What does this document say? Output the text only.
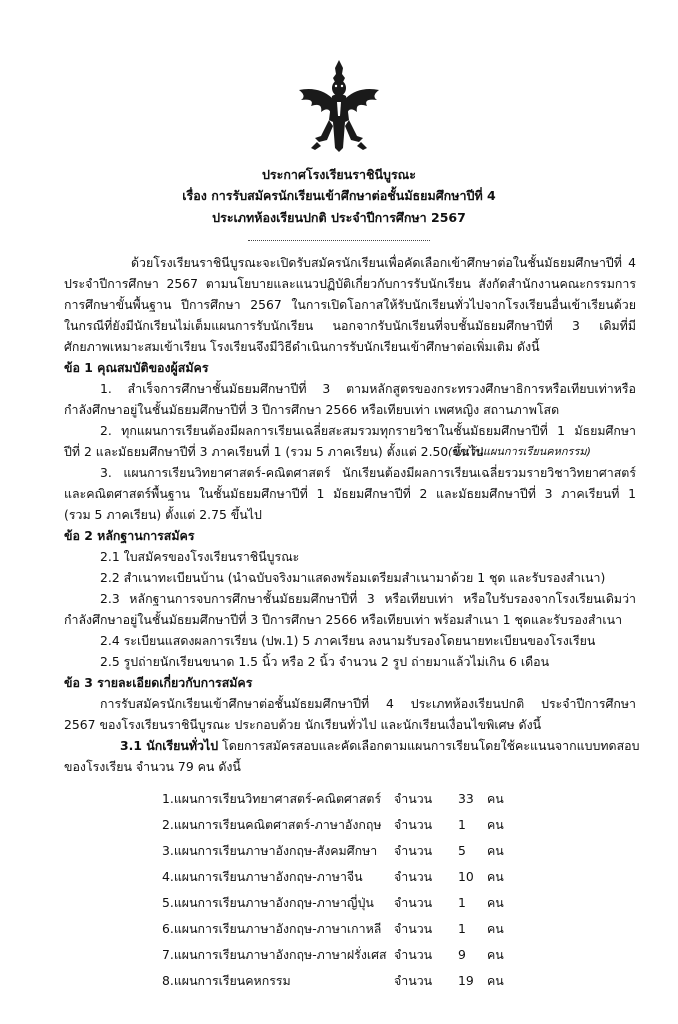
ประกาศโรงเรียนราชินีบูรณะ
เรื่อง การรับสมัครนักเรียนเข้าศึกษาต่อชั้นมัธยมศึกษาปีที่ 4
ประเภทห้องเรียนปกติ ประจำปีการศึกษา 2567
ด้วยโรงเรียนราชินีบูรณะจะเปิดรับสมัครนักเรียนเพื่อคัดเลือกเข้าศึกษาต่อในชั้นมัธยมศึกษาปีที่ 4
ประจำปีการศึกษา 2567 ตามนโยบายและแนวปฏิบัติเกี่ยวกับการรับนักเรียน สังกัดสำนักงานคณะกรรมการ
การศึกษาขั้นพื้นฐาน ปีการศึกษา 2567 ในการเปิดโอกาสให้รับนักเรียนทั่วไปจากโรงเรียนอื่นเข้าเรียนด้วย
ในกรณีที่ยังมีนักเรียนไม่เต็มแผนการรับนักเรียน นอกจากรับนักเรียนที่จบชั้นมัธยมศึกษาปีที่ 3 เดิมที่มี
ศักยภาพเหมาะสมเข้าเรียน โรงเรียนจึงมีวิธีดำเนินการรับนักเรียนเข้าศึกษาต่อเพิ่มเติม ดังนี้
ข้อ 1 คุณสมบัติของผู้สมัคร
1. สำเร็จการศึกษาชั้นมัธยมศึกษาปีที่ 3 ตามหลักสูตรของกระทรวงศึกษาธิการหรือเทียบเท่าหรือ
กำลังศึกษาอยู่ในชั้นมัธยมศึกษาปีที่ 3 ปีการศึกษา 2566 หรือเทียบเท่า เพศหญิง สถานภาพโสด
2. ทุกแผนการเรียนต้องมีผลการเรียนเฉลี่ยสะสมรวมทุกรายวิชาในชั้นมัธยมศึกษาปีที่ 1 มัธยมศึกษา
ปีที่ 2 และมัธยมศึกษาปีที่ 3 ภาคเรียนที่ 1 (รวม 5 ภาคเรียน) ตั้งแต่ 2.50 ขึ้นไป
(ยกเว้นแผนการเรียนคหกรรม)
3. แผนการเรียนวิทยาศาสตร์-คณิตศาสตร์ นักเรียนต้องมีผลการเรียนเฉลี่ยรวมรายวิชาวิทยาศาสตร์
และคณิตศาสตร์พื้นฐาน ในชั้นมัธยมศึกษาปีที่ 1 มัธยมศึกษาปีที่ 2 และมัธยมศึกษาปีที่ 3 ภาคเรียนที่ 1
(รวม 5 ภาคเรียน) ตั้งแต่ 2.75 ขึ้นไป
ข้อ 2 หลักฐานการสมัคร
2.1 ใบสมัครของโรงเรียนราชินีบูรณะ
2.2 สำเนาทะเบียนบ้าน (นำฉบับจริงมาแสดงพร้อมเตรียมสำเนามาด้วย 1 ชุด และรับรองสำเนา)
2.3 หลักฐานการจบการศึกษาชั้นมัธยมศึกษาปีที่ 3 หรือเทียบเท่า หรือใบรับรองจากโรงเรียนเดิมว่า
กำลังศึกษาอยู่ในชั้นมัธยมศึกษาปีที่ 3 ปีการศึกษา 2566 หรือเทียบเท่า พร้อมสำเนา 1 ชุดและรับรองสำเนา
2.4 ระเบียนแสดงผลการเรียน (ปพ.1) 5 ภาคเรียน ลงนามรับรองโดยนายทะเบียนของโรงเรียน
2.5 รูปถ่ายนักเรียนขนาด 1.5 นิ้ว หรือ 2 นิ้ว จำนวน 2 รูป ถ่ายมาแล้วไม่เกิน 6 เดือน
ข้อ 3 รายละเอียดเกี่ยวกับการสมัคร
การรับสมัครนักเรียนเข้าศึกษาต่อชั้นมัธยมศึกษาปีที่ 4 ประเภทห้องเรียนปกติ ประจำปีการศึกษา
2567 ของโรงเรียนราชินีบูรณะ ประกอบด้วย นักเรียนทั่วไป และนักเรียนเงื่อนไขพิเศษ ดังนี้
3.1 นักเรียนทั่วไป โดยการสมัครสอบและคัดเลือกตามแผนการเรียนโดยใช้คะแนนจากแบบทดสอบ
ของโรงเรียน จำนวน 79 คน ดังนี้
1.แผนการเรียนวิทยาศาสตร์-คณิตศาสตร์ จำนวน 33 คน
2.แผนการเรียนคณิตศาสตร์-ภาษาอังกฤษ จำนวน 1 คน
3.แผนการเรียนภาษาอังกฤษ-สังคมศึกษา จำนวน 5 คน
4.แผนการเรียนภาษาอังกฤษ-ภาษาจีน	จำนวน 10 คน
5.แผนการเรียนภาษาอังกฤษ-ภาษาญี่ปุ่น จำนวน 1 คน
6.แผนการเรียนภาษาอังกฤษ-ภาษาเกาหลี จำนวน 1 คน
7.แผนการเรียนภาษาอังกฤษ-ภาษาฝรั่งเศส จำนวน 9 คน
8.แผนการเรียนคหกรรม	จำนวน 19 คน
